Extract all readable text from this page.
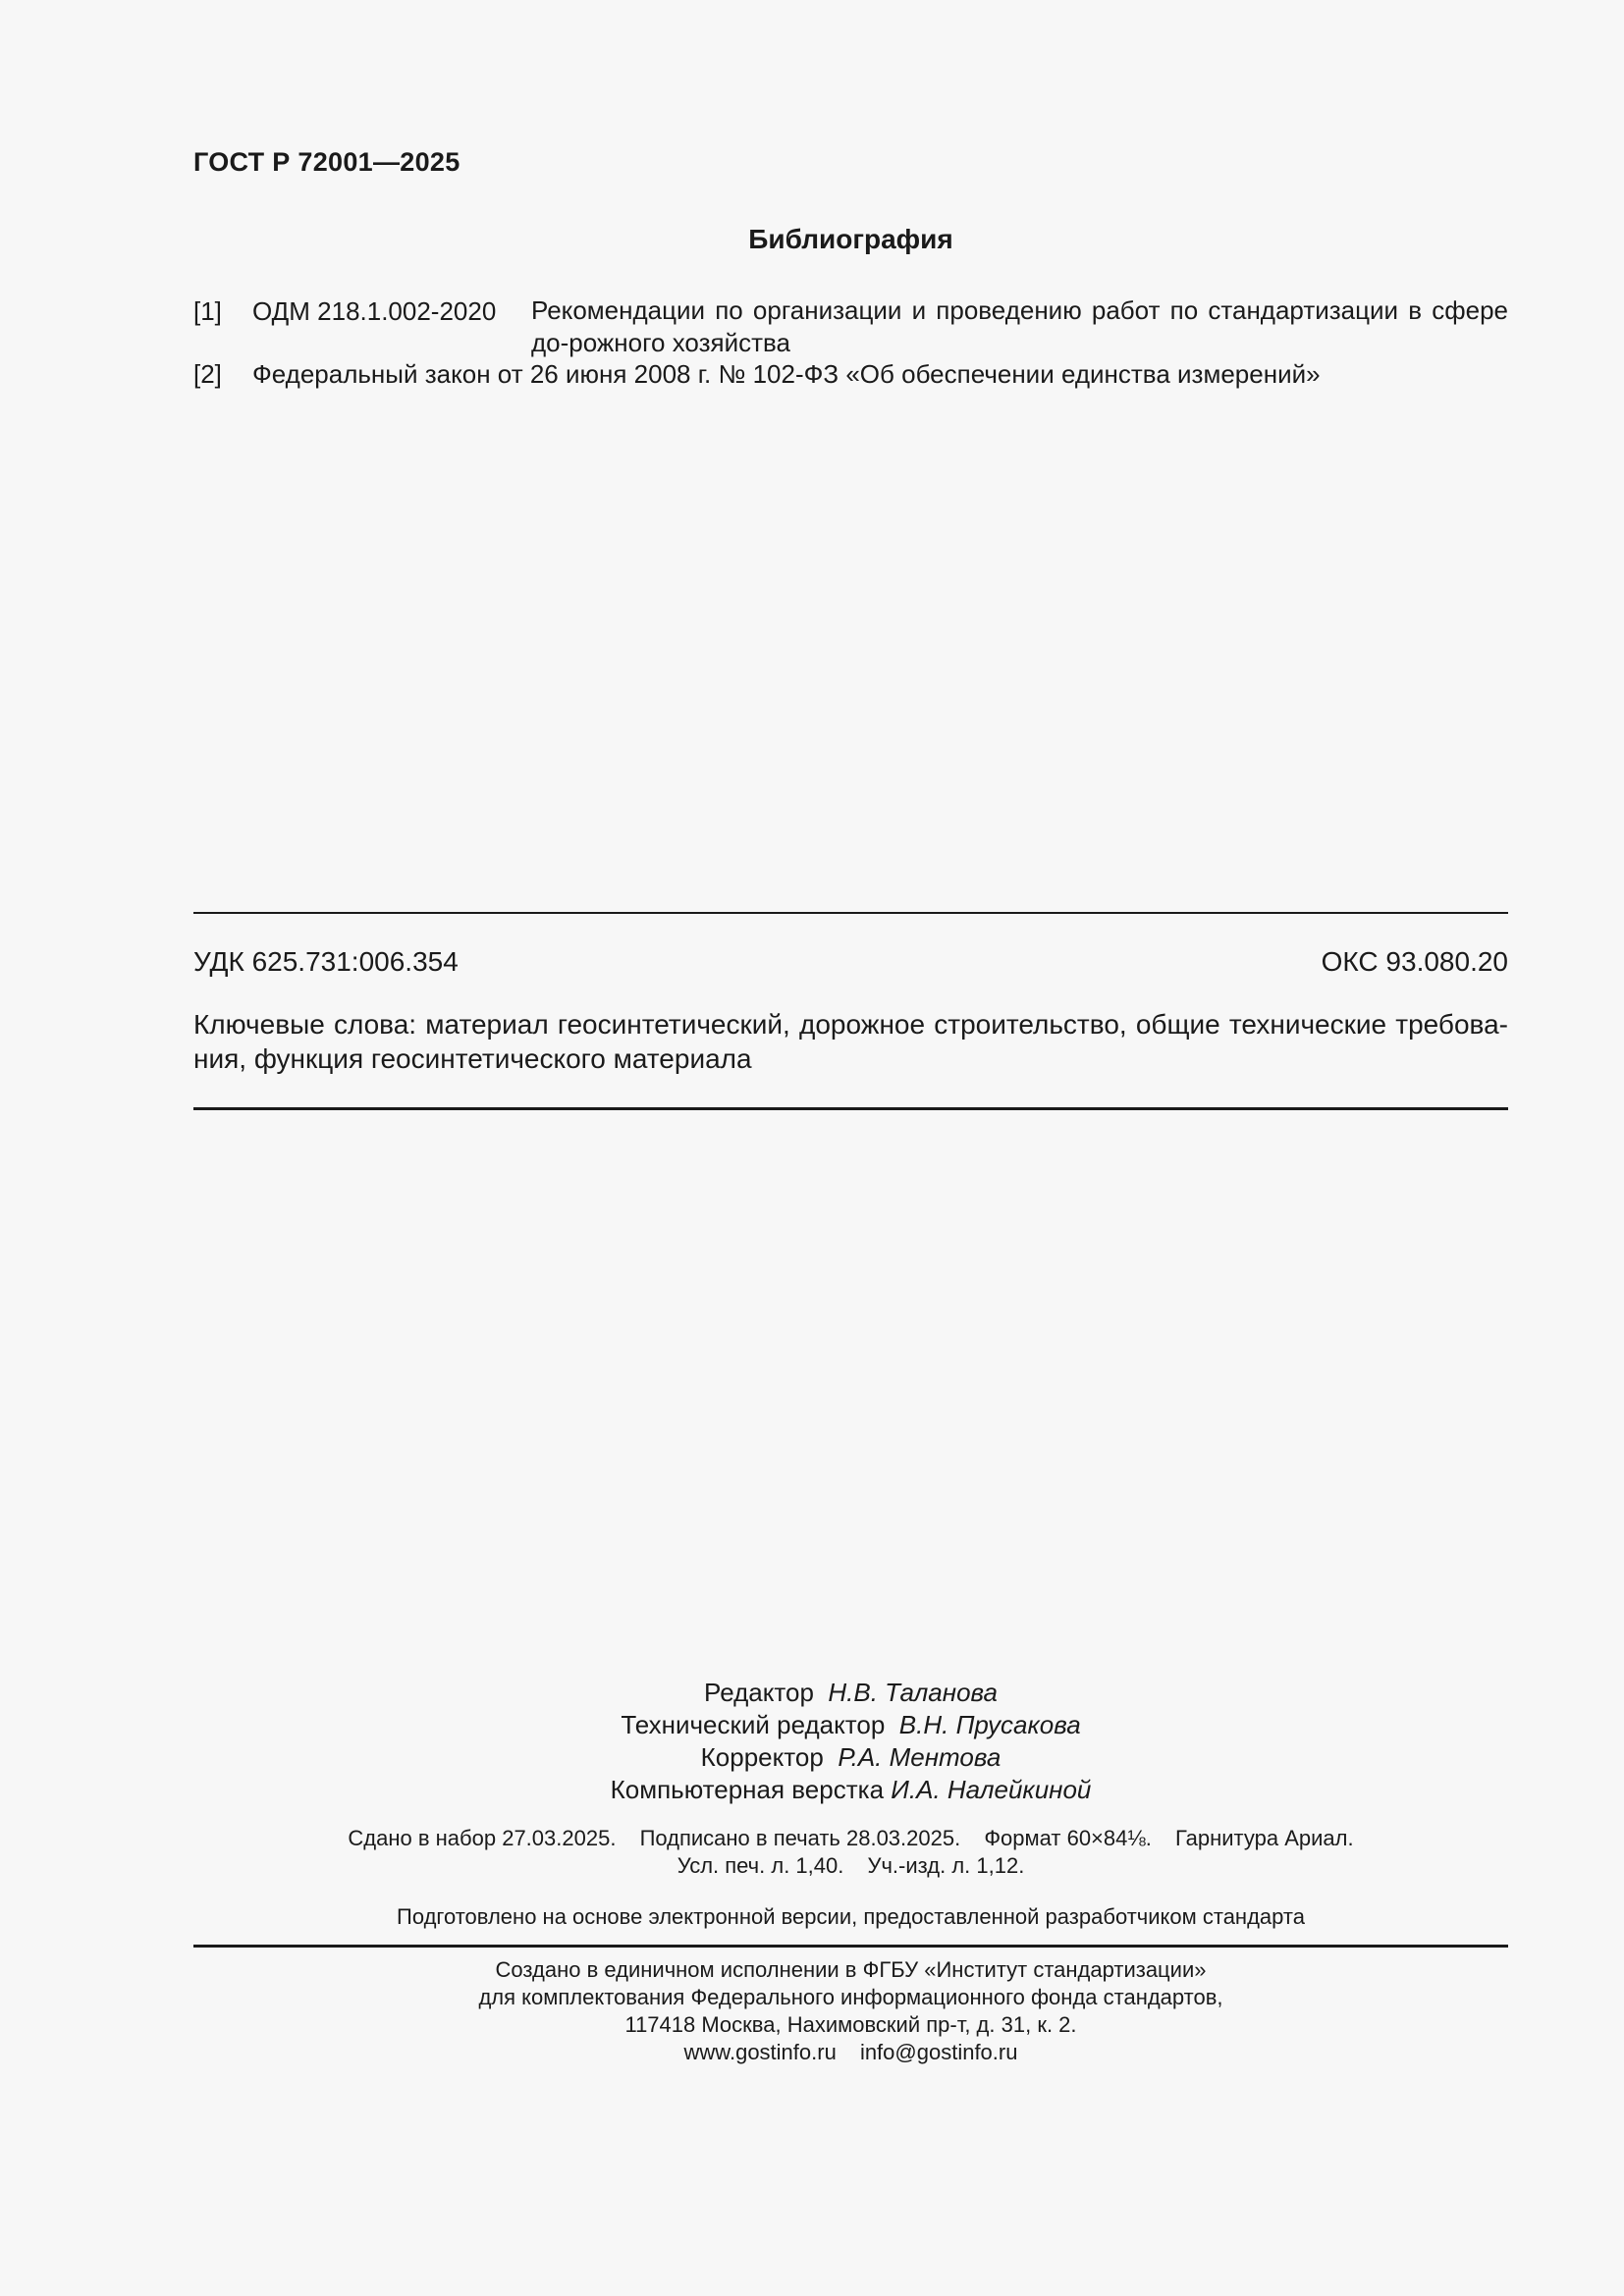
ГОСТ Р 72001—2025
Библиография
[1] ОДМ 218.1.002-2020 Рекомендации по организации и проведению работ по стандартизации в сфере до-рожного хозяйства
[2] Федеральный закон от 26 июня 2008 г. № 102-ФЗ «Об обеспечении единства измерений»
УДК 625.731:006.354	ОКС 93.080.20
Ключевые слова: материал геосинтетический, дорожное строительство, общие технические требова-ния, функция геосинтетического материала
Редактор Н.В. Таланова
Технический редактор В.Н. Прусакова
Корректор Р.А. Ментова
Компьютерная верстка И.А. Налейкиной
Сдано в набор 27.03.2025. Подписано в печать 28.03.2025. Формат 60×84⅛. Гарнитура Ариал.
Усл. печ. л. 1,40. Уч.-изд. л. 1,12.
Подготовлено на основе электронной версии, предоставленной разработчиком стандарта
Создано в единичном исполнении в ФГБУ «Институт стандартизации»
для комплектования Федерального информационного фонда стандартов,
117418 Москва, Нахимовский пр-т, д. 31, к. 2.
www.gostinfo.ru info@gostinfo.ru
